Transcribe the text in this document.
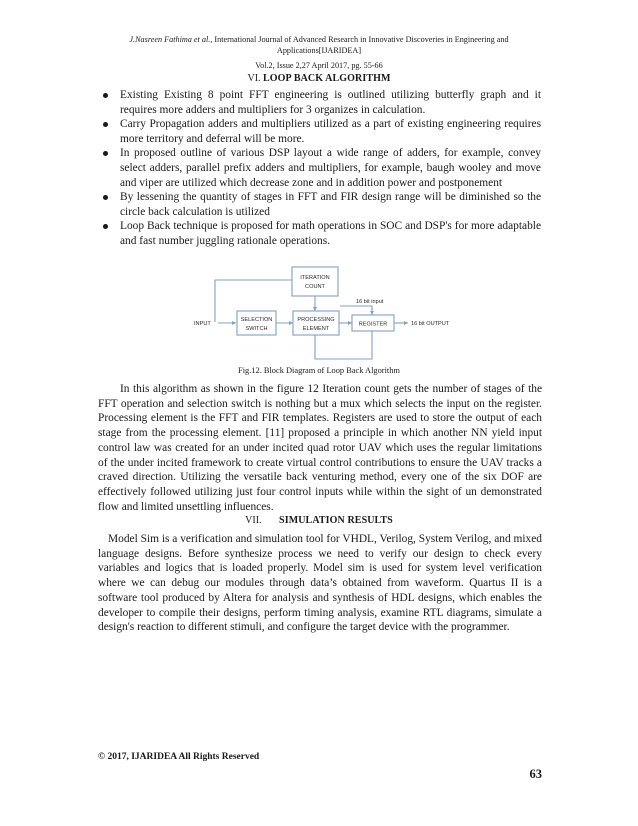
J.Nasreen Fathima et al., International Journal of Advanced Research in Innovative Discoveries in Engineering and
Applications[IJARIDEA]
Vol.2, Issue 2,27 April 2017, pg. 55-66
VI. LOOP BACK ALGORITHM
Existing Existing 8 point FFT engineering is outlined utilizing butterfly graph and it requires more adders and multipliers for 3 organizes in calculation.
Carry Propagation adders and multipliers utilized as a part of existing engineering requires more territory and deferral will be more.
In proposed outline of various DSP layout a wide range of adders, for example, convey select adders, parallel prefix adders and multipliers, for example, baugh wooley and move and viper are utilized which decrease zone and in addition power and postponement
By lessening the quantity of stages in FFT and FIR design range will be diminished so the circle back calculation is utilized
Loop Back technique is proposed for math operations in SOC and DSP's for more adaptable and fast number juggling rationale operations.
ITERATION
COUNT
SELECTION
SWITCH
PROCESSING
ELEMENT
REGISTER
INPUT
16 bit input
16 bit OUTPUT
Fig.12. Block Diagram of Loop Back Algorithm
In this algorithm as shown in the figure 12 Iteration count gets the number of stages of the FFT operation and selection switch is nothing but a mux which selects the input on the register. Processing element is the FFT and FIR templates. Registers are used to store the output of each stage from the processing element. [11] proposed a principle in which another NN yield input control law was created for an under incited quad rotor UAV which uses the regular limitations of the under incited framework to create virtual control contributions to ensure the UAV tracks a craved direction. Utilizing the versatile back venturing method, every one of the six DOF are effectively followed utilizing just four control inputs while within the sight of un demonstrated flow and limited unsettling influences.
VII. SIMULATION RESULTS
Model Sim is a verification and simulation tool for VHDL, Verilog, System Verilog, and mixed language designs. Before synthesize process we need to verify our design to check every variables and logics that is loaded properly. Model sim is used for system level verification where we can debug our modules through data’s obtained from waveform. Quartus II is a software tool produced by Altera for analysis and synthesis of HDL designs, which enables the developer to compile their designs, perform timing analysis, examine RTL diagrams, simulate a design's reaction to different stimuli, and configure the target device with the programmer.
© 2017, IJARIDEA All Rights Reserved
63
